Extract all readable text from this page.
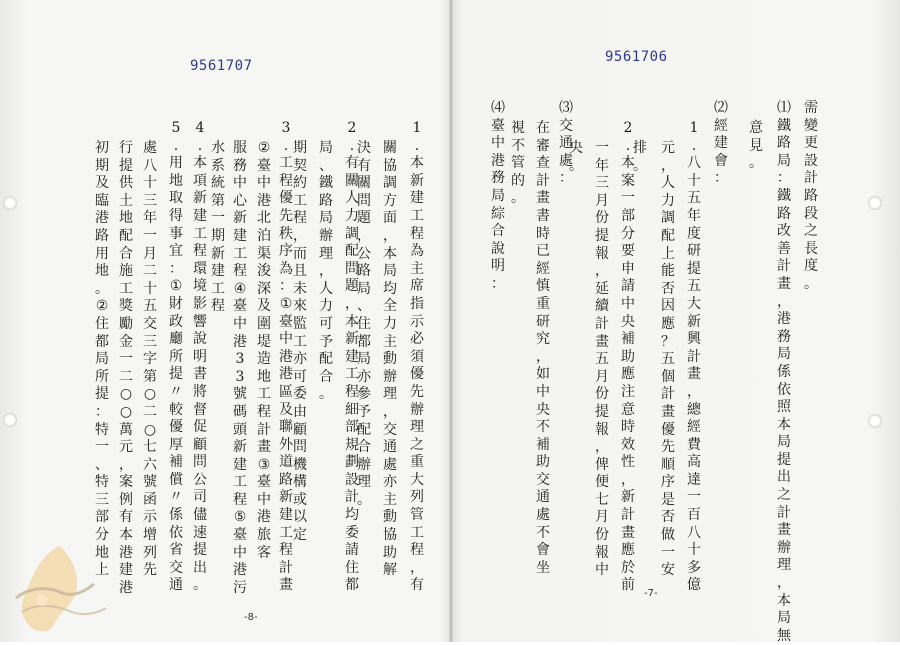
9561707
-8-
9561706
-7-
1
.
本
新
建
工
程
為
主
席
指
示
必
須
優
先
辦
理
之
重
大
列
管
工
程
，
有
關
協
調
方
面
，
本
局
均
全
力
主
動
辦
理
，
交
通
處
亦
主
動
協
助
解
決
有
關
問
題
，
公
路
局
、
住
都
局
亦
參
予
配
合
辦
理
。
2
.
有
關
人
力
調
配
問
題
，
本
新
建
工
程
細
部
規
劃
設
計
均
委
請
住
都
局
、
鐵
路
局
辦
理
，
人
力
可
予
配
合
。
期
契
約
工
程
，
而
且
未
來
監
工
亦
可
委
由
顧
問
機
構
或
以
定
3
.
工
程
優
先
秩
序
為
：
①
臺
中
港
港
區
及
聯
外
道
路
新
建
工
程
計
畫
②
臺
中
港
北
泊
渠
浚
深
及
圍
堤
造
地
工
程
計
畫
③
臺
中
港
旅
客
服
務
中
心
新
建
工
程
④
臺
中
港
3
3
號
碼
頭
新
建
工
程
⑤
臺
中
港
污
水
系
統
第
一
期
新
建
工
程
4
.
本
項
新
建
工
程
環
境
影
響
說
明
書
將
督
促
顧
問
公
司
儘
速
提
出
。
5
.
用
地
取
得
事
宜
：
①
財
政
廳
所
提
〃
較
優
厚
補
償
〃
係
依
省
交
通
處
八
十
三
年
一
月
二
十
五
交
三
字
第
○
二
○
七
六
號
函
示
增
列
先
行
提
供
土
地
配
合
施
工
獎
勵
金
一
二
○
○
萬
元
，
案
例
有
本
港
建
港
初
期
及
臨
港
路
用
地
。
②
住
都
局
所
提
：
特
一
、
特
三
部
分
地
上
需
變
更
設
計
路
段
之
長
度
。
⑴
鐵
路
局
：
鐵
路
改
善
計
畫
，
港
務
局
係
依
照
本
局
提
出
之
計
畫
辦
理
，
本
局
無
意
見
。
⑵
經
建
會
：
1
.
八
十
五
年
度
研
提
五
大
新
興
計
畫
，
總
經
費
高
達
一
百
八
十
多
億
元
，
人
力
調
配
上
能
否
因
應
？
五
個
計
畫
優
先
順
序
是
否
做
一
安
排
。
2
.
本
案
一
部
分
要
申
請
中
央
補
助
應
注
意
時
效
性
，
新
計
畫
應
於
前
一
年
三
月
份
提
報
，
延
續
計
畫
五
月
份
提
報
，
俾
便
七
月
份
報
中
央
。
⑶
交
通
處
：
在
審
查
計
畫
書
時
已
經
慎
重
研
究
，
如
中
央
不
補
助
交
通
處
不
會
坐
視
不
管
的
。
⑷
臺
中
港
務
局
綜
合
說
明
：
